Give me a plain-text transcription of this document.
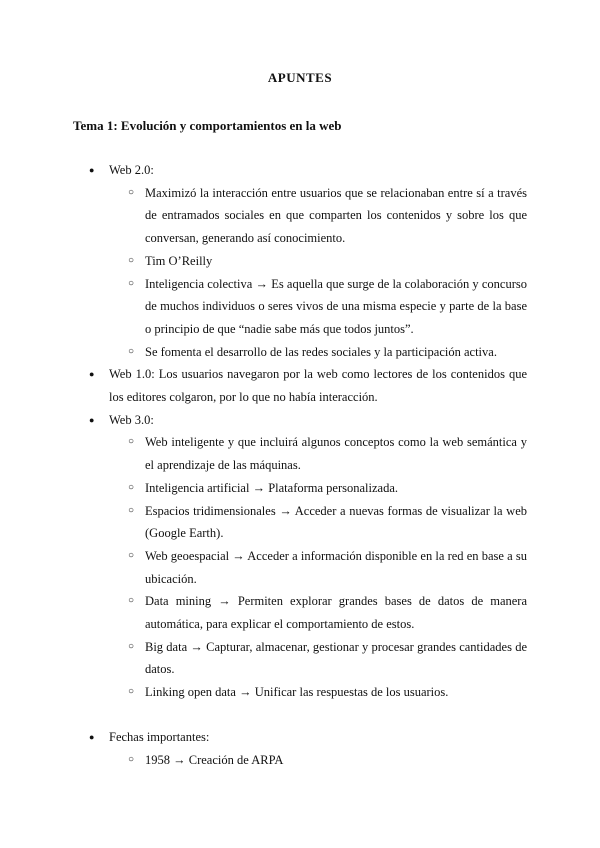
APUNTES
Tema 1: Evolución y comportamientos en la web
● Web 2.0:
○ Maximizó la interacción entre usuarios que se relacionaban entre sí a través de entramados sociales en que comparten los contenidos y sobre los que conversan, generando así conocimiento.
○ Tim O’Reilly
○ Inteligencia colectiva → Es aquella que surge de la colaboración y concurso de muchos individuos o seres vivos de una misma especie y parte de la base o principio de que “nadie sabe más que todos juntos”.
○ Se fomenta el desarrollo de las redes sociales y la participación activa.
● Web 1.0: Los usuarios navegaron por la web como lectores de los contenidos que los editores colgaron, por lo que no había interacción.
● Web 3.0:
○ Web inteligente y que incluirá algunos conceptos como la web semántica y el aprendizaje de las máquinas.
○ Inteligencia artificial → Plataforma personalizada.
○ Espacios tridimensionales → Acceder a nuevas formas de visualizar la web (Google Earth).
○ Web geoespacial → Acceder a información disponible en la red en base a su ubicación.
○ Data mining → Permiten explorar grandes bases de datos de manera automática, para explicar el comportamiento de estos.
○ Big data → Capturar, almacenar, gestionar y procesar grandes cantidades de datos.
○ Linking open data → Unificar las respuestas de los usuarios.
● Fechas importantes:
○ 1958 → Creación de ARPA
